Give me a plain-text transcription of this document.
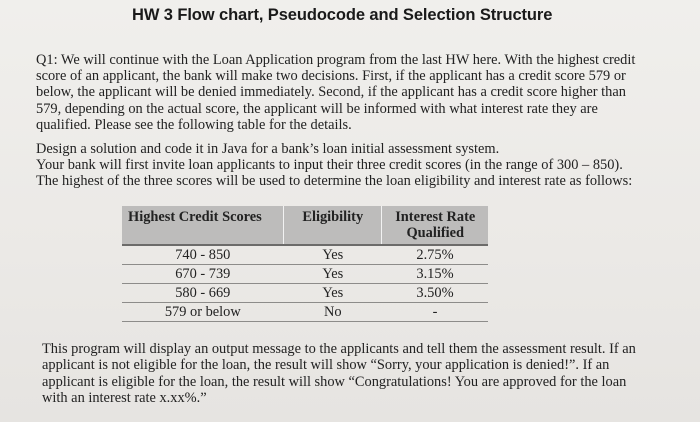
HW 3 Flow chart, Pseudocode and Selection Structure

Q1: We will continue with the Loan Application program from the last HW here. With the highest credit
score of an applicant, the bank will make two decisions. First, if the applicant has a credit score 579 or
below, the applicant will be denied immediately. Second, if the applicant has a credit score higher than
579, depending on the actual score, the applicant will be informed with what interest rate they are
qualified. Please see the following table for the details.

Design a solution and code it in Java for a bank’s loan initial assessment system.

Your bank will first invite loan applicants to input their three credit scores (in the range of 300 – 850).

The highest of the three scores will be used to determine the loan eligibility and interest rate as follows:

Highest Credit Scores	Eligibility	Interest Rate Qualified
740 - 850	Yes	2.75%
670 - 739	Yes	3.15%
580 - 669	Yes	3.50%
579 or below	No	-

This program will display an output message to the applicants and tell them the assessment result. If an
applicant is not eligible for the loan, the result will show “Sorry, your application is denied!”. If an
applicant is eligible for the loan, the result will show “Congratulations! You are approved for the loan
with an interest rate x.xx%.”
